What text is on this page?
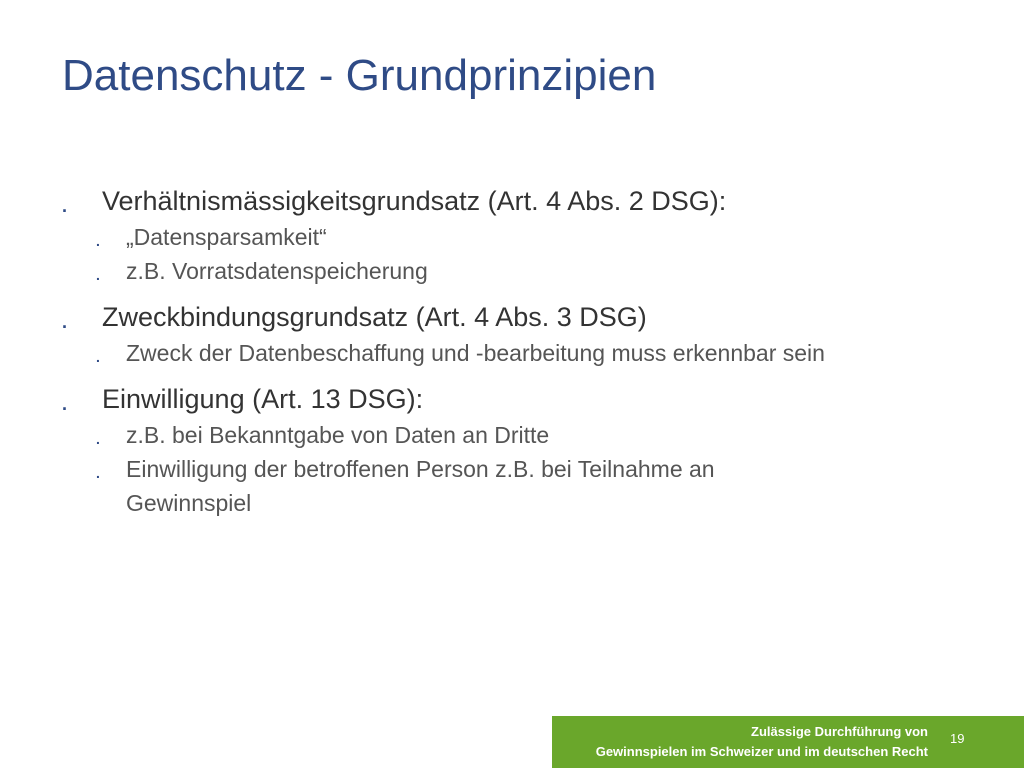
Datenschutz - Grundprinzipien
. Verhältnismässigkeitsgrundsatz (Art. 4 Abs. 2 DSG):
. „Datensparsamkeit“
. z.B. Vorratsdatenspeicherung
. Zweckbindungsgrundsatz (Art. 4 Abs. 3 DSG)
. Zweck der Datenbeschaffung und -bearbeitung muss erkennbar sein
. Einwilligung (Art. 13 DSG):
. z.B. bei Bekanntgabe von Daten an Dritte
. Einwilligung der betroffenen Person z.B. bei Teilnahme an Gewinnspiel
Zulässige Durchführung von
Gewinnspielen im Schweizer und im deutschen Recht
19
